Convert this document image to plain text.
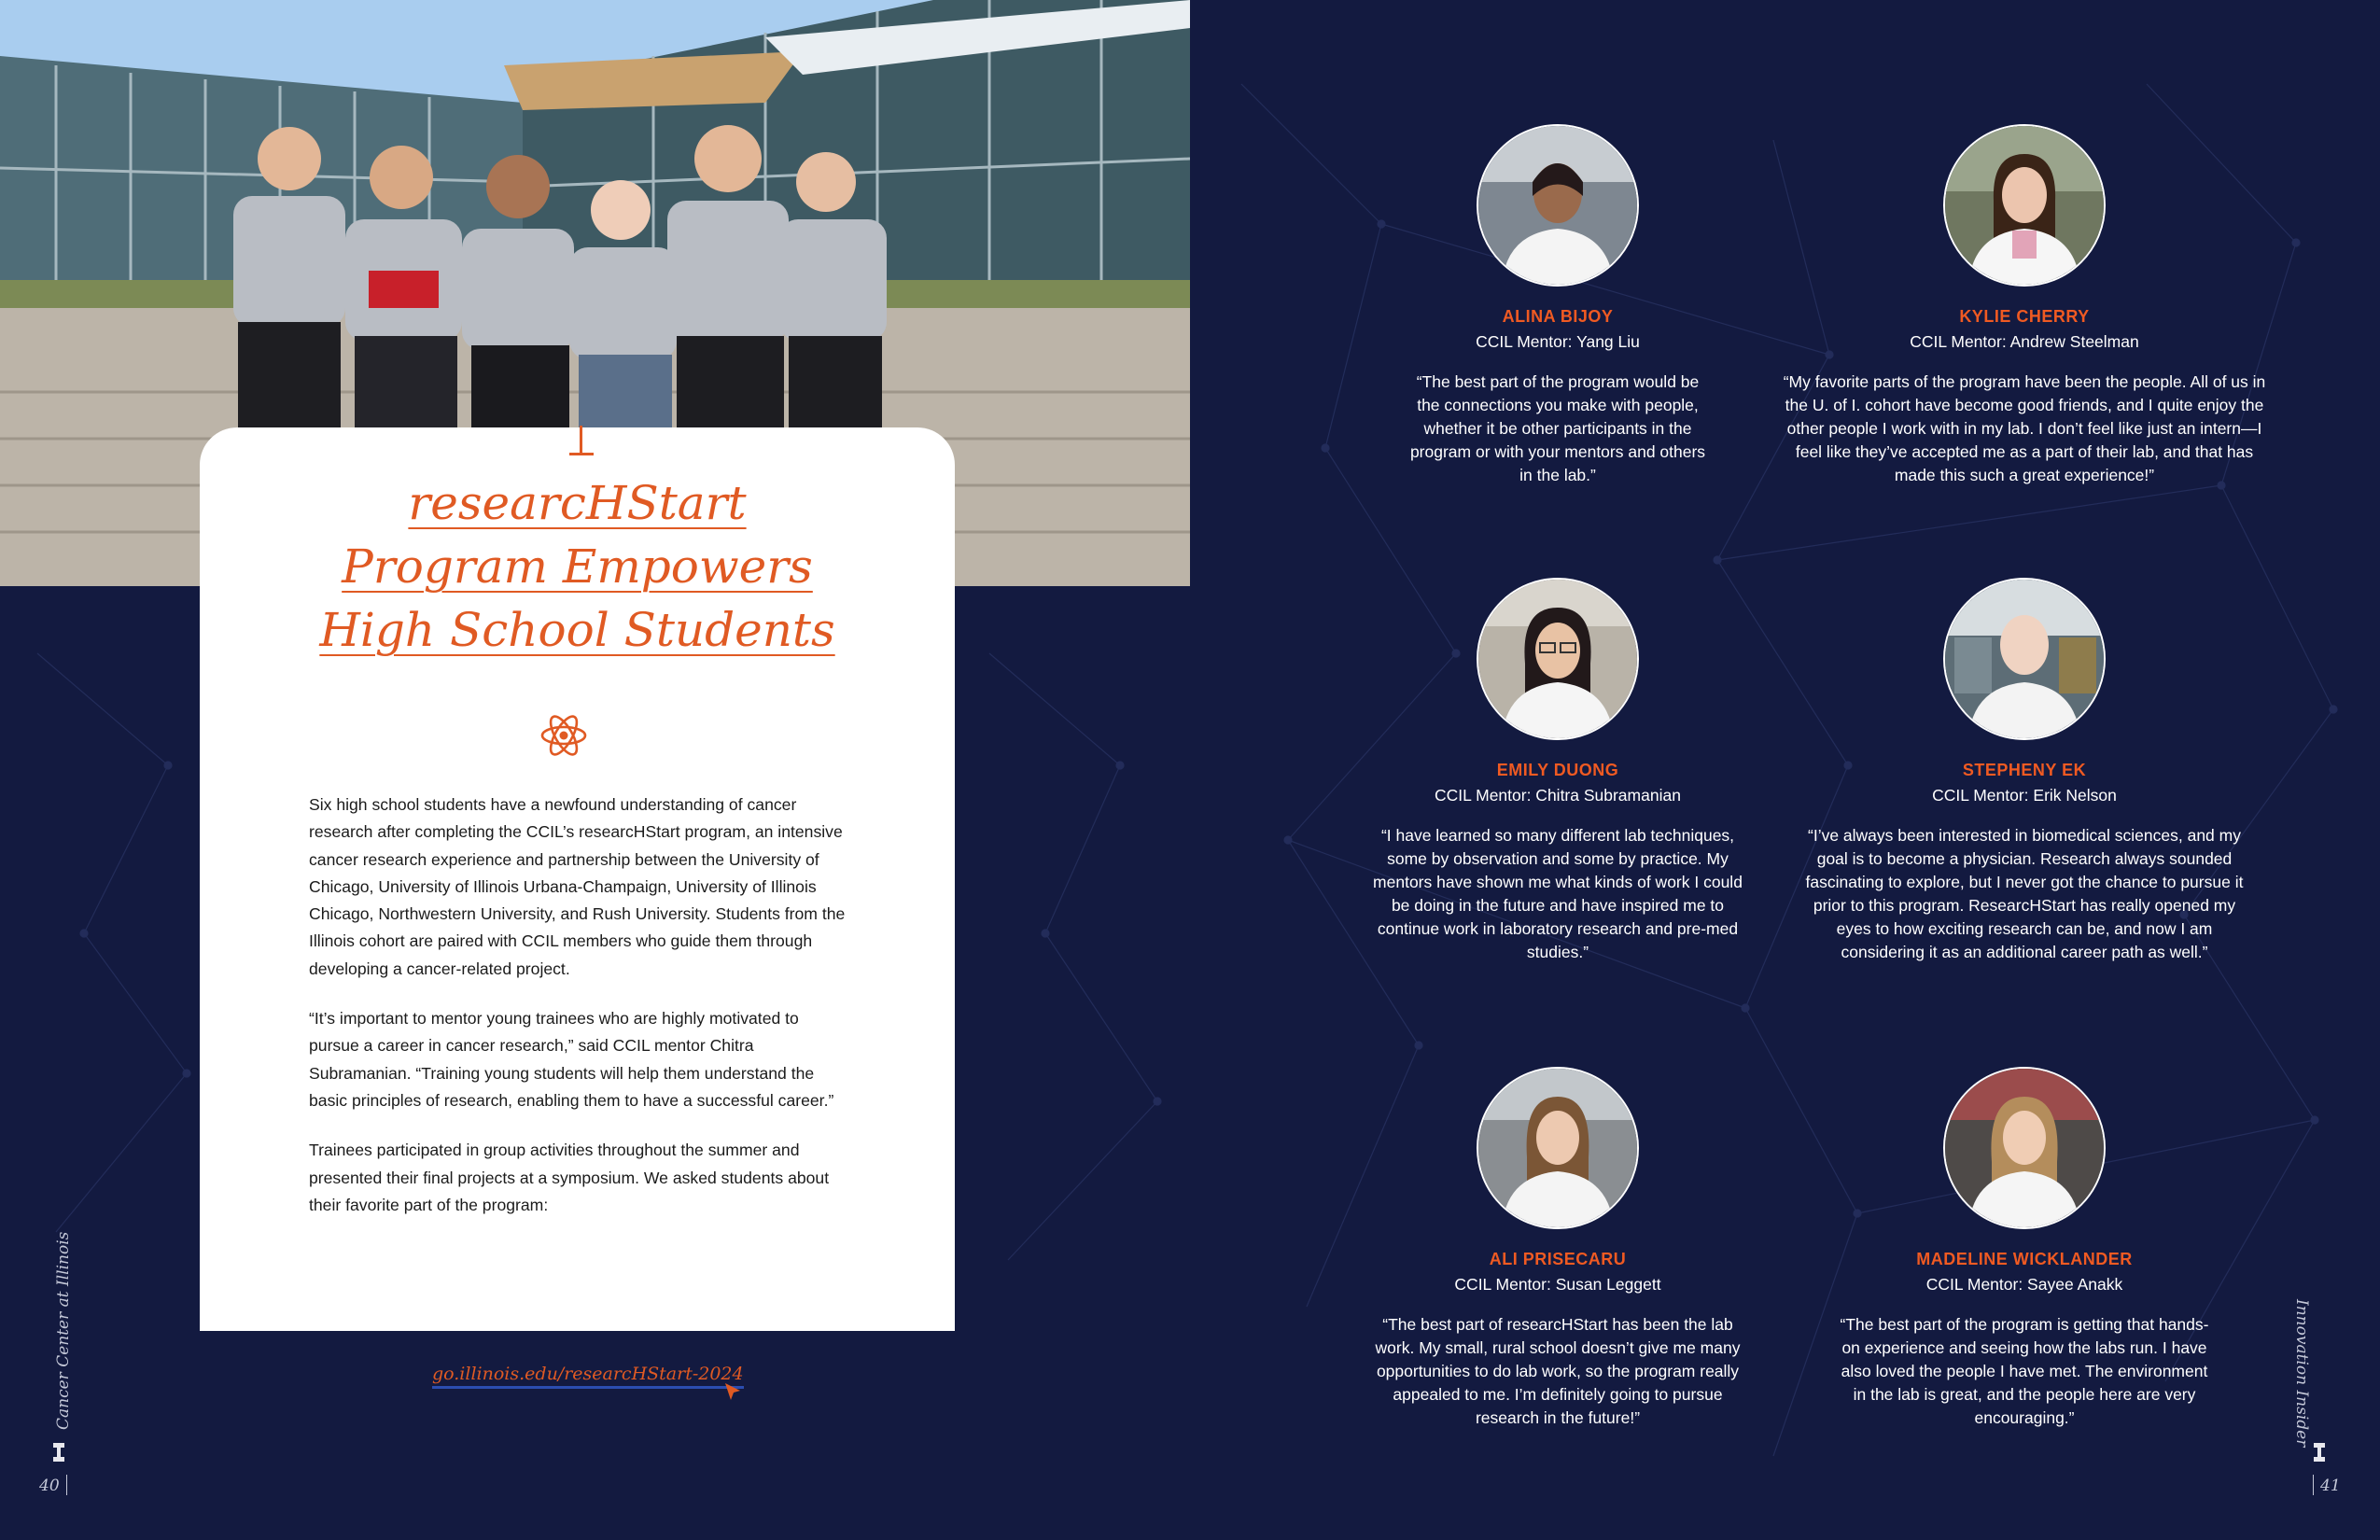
researcHStart
Program Empowers
High School Students

Six high school students have a newfound understanding of cancer research after completing the CCIL’s researcHStart program, an intensive cancer research experience and partnership between the University of Chicago, University of Illinois Urbana-Champaign, University of Illinois Chicago, Northwestern University, and Rush University. Students from the Illinois cohort are paired with CCIL members who guide them through developing a cancer-related project.

“It’s important to mentor young trainees who are highly motivated to pursue a career in cancer research,” said CCIL mentor Chitra Subramanian. “Training young students will help them understand the basic principles of research, enabling them to have a successful career.”

Trainees participated in group activities throughout the summer and presented their final projects at a symposium. We asked students about their favorite part of the program:

go.illinois.edu/researcHStart-2024

ALINA BIJOY

CCIL Mentor: Yang Liu

“The best part of the program would be the connections you make with people, whether it be other participants in the program or with your mentors and others in the lab.”

KYLIE CHERRY

CCIL Mentor: Andrew Steelman

“My favorite parts of the program have been the people. All of us in the U. of I. cohort have become good friends, and I quite enjoy the other people I work with in my lab. I don’t feel like just an intern—I feel like they’ve accepted me as a part of their lab, and that has made this such a great experience!”

EMILY DUONG

CCIL Mentor: Chitra Subramanian

“I have learned so many different lab techniques, some by observation and some by practice. My mentors have shown me what kinds of work I could be doing in the future and have inspired me to continue work in laboratory research and pre-med studies.”

STEPHENY EK

CCIL Mentor: Erik Nelson

“I’ve always been interested in biomedical sciences, and my goal is to become a physician. Research always sounded fascinating to explore, but I never got the chance to pursue it prior to this program. ResearcHStart has really opened my eyes to how exciting research can be, and now I am considering it as an additional career path as well.”

ALI PRISECARU

CCIL Mentor: Susan Leggett

“The best part of researcHStart has been the lab work. My small, rural school doesn’t give me many opportunities to do lab work, so the program really appealed to me. I’m definitely going to pursue research in the future!”

MADELINE WICKLANDER

CCIL Mentor: Sayee Anakk

“The best part of the program is getting that hands-on experience and seeing how the labs run. I have also loved the people I have met. The environment in the lab is great, and the people here are very encouraging.”

Cancer Center at Illinois	Innovation Insider
40	41
